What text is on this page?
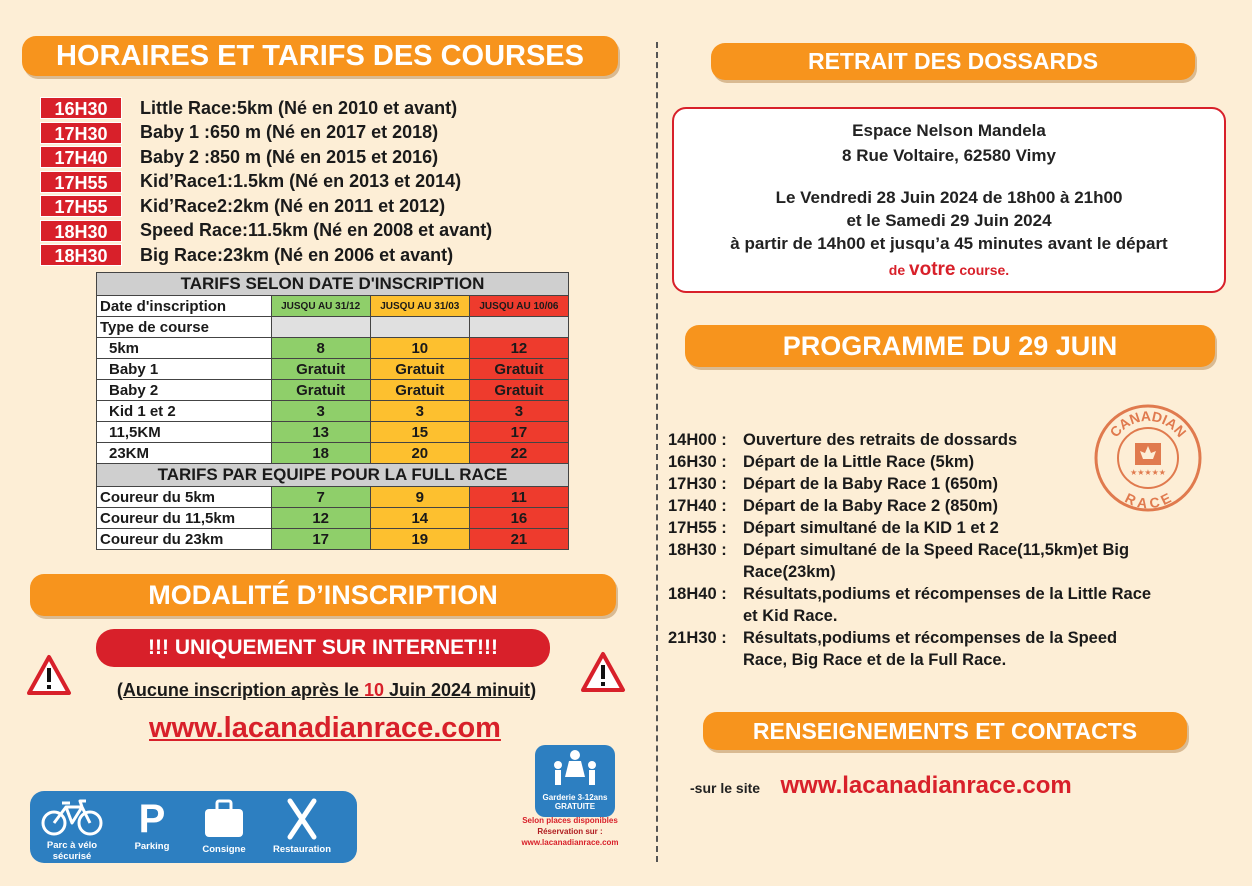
HORAIRES ET TARIFS DES COURSES
16H30	Little Race:5km (Né en 2010 et avant)
17H30	Baby 1 :650 m (Né en 2017 et 2018)
17H40	Baby 2 :850 m (Né en 2015 et 2016)
17H55	Kid’Race1:1.5km (Né en 2013 et 2014)
17H55	Kid’Race2:2km (Né en 2011 et 2012)
18H30	Speed Race:11.5km (Né en 2008 et avant)
18H30	Big Race:23km (Né en 2006 et avant)
TARIFS SELON DATE D'INSCRIPTION			
Date d'inscription	JUSQU AU 31/12	JUSQU AU 31/03	JUSQU AU 10/06
Type de course			
5km	8	10	12
Baby 1	Gratuit	Gratuit	Gratuit
Baby 2	Gratuit	Gratuit	Gratuit
Kid 1 et 2	3	3	3
11,5KM	13	15	17
23KM	18	20	22
TARIFS PAR EQUIPE POUR LA FULL RACE			
Coureur du 5km	7	9	11
Coureur du 11,5km	12	14	16
Coureur du 23km	17	19	21
MODALITÉ D’INSCRIPTION
!!! UNIQUEMENT SUR INTERNET!!!
(Aucune inscription après le 10 Juin 2024 minuit)
www.lacanadianrace.com
Parc à vélo
sécurisé
P
Parking	Consigne	Restauration
Garderie 3-12ans
GRATUITE
Selon places disponibles
Réservation sur :
www.lacanadianrace.com
RETRAIT DES DOSSARDS
Espace Nelson Mandela
8 Rue Voltaire, 62580 Vimy
Le Vendredi 28 Juin 2024 de 18h00 à 21h00
et le Samedi 29 Juin 2024
à partir de 14h00 et jusqu’a 45 minutes avant le départ
de votre course.
PROGRAMME DU 29 JUIN
CANADIAN
RACE
★★★★★
14H00 : Ouverture des retraits de dossards
16H30 : Départ de la Little Race (5km)
17H30 : Départ de la Baby Race 1 (650m)
17H40 : Départ de la Baby Race 2 (850m)
17H55 : Départ simultané de la KID 1 et 2
18H30 : Départ simultané de la Speed Race(11,5km)et Big Race(23km)
18H40 : Résultats,podiums et récompenses de la Little Race et Kid Race.
21H30 : Résultats,podiums et récompenses de la Speed Race, Big Race et de la Full Race.
RENSEIGNEMENTS ET CONTACTS
-sur le site www.lacanadianrace.com
